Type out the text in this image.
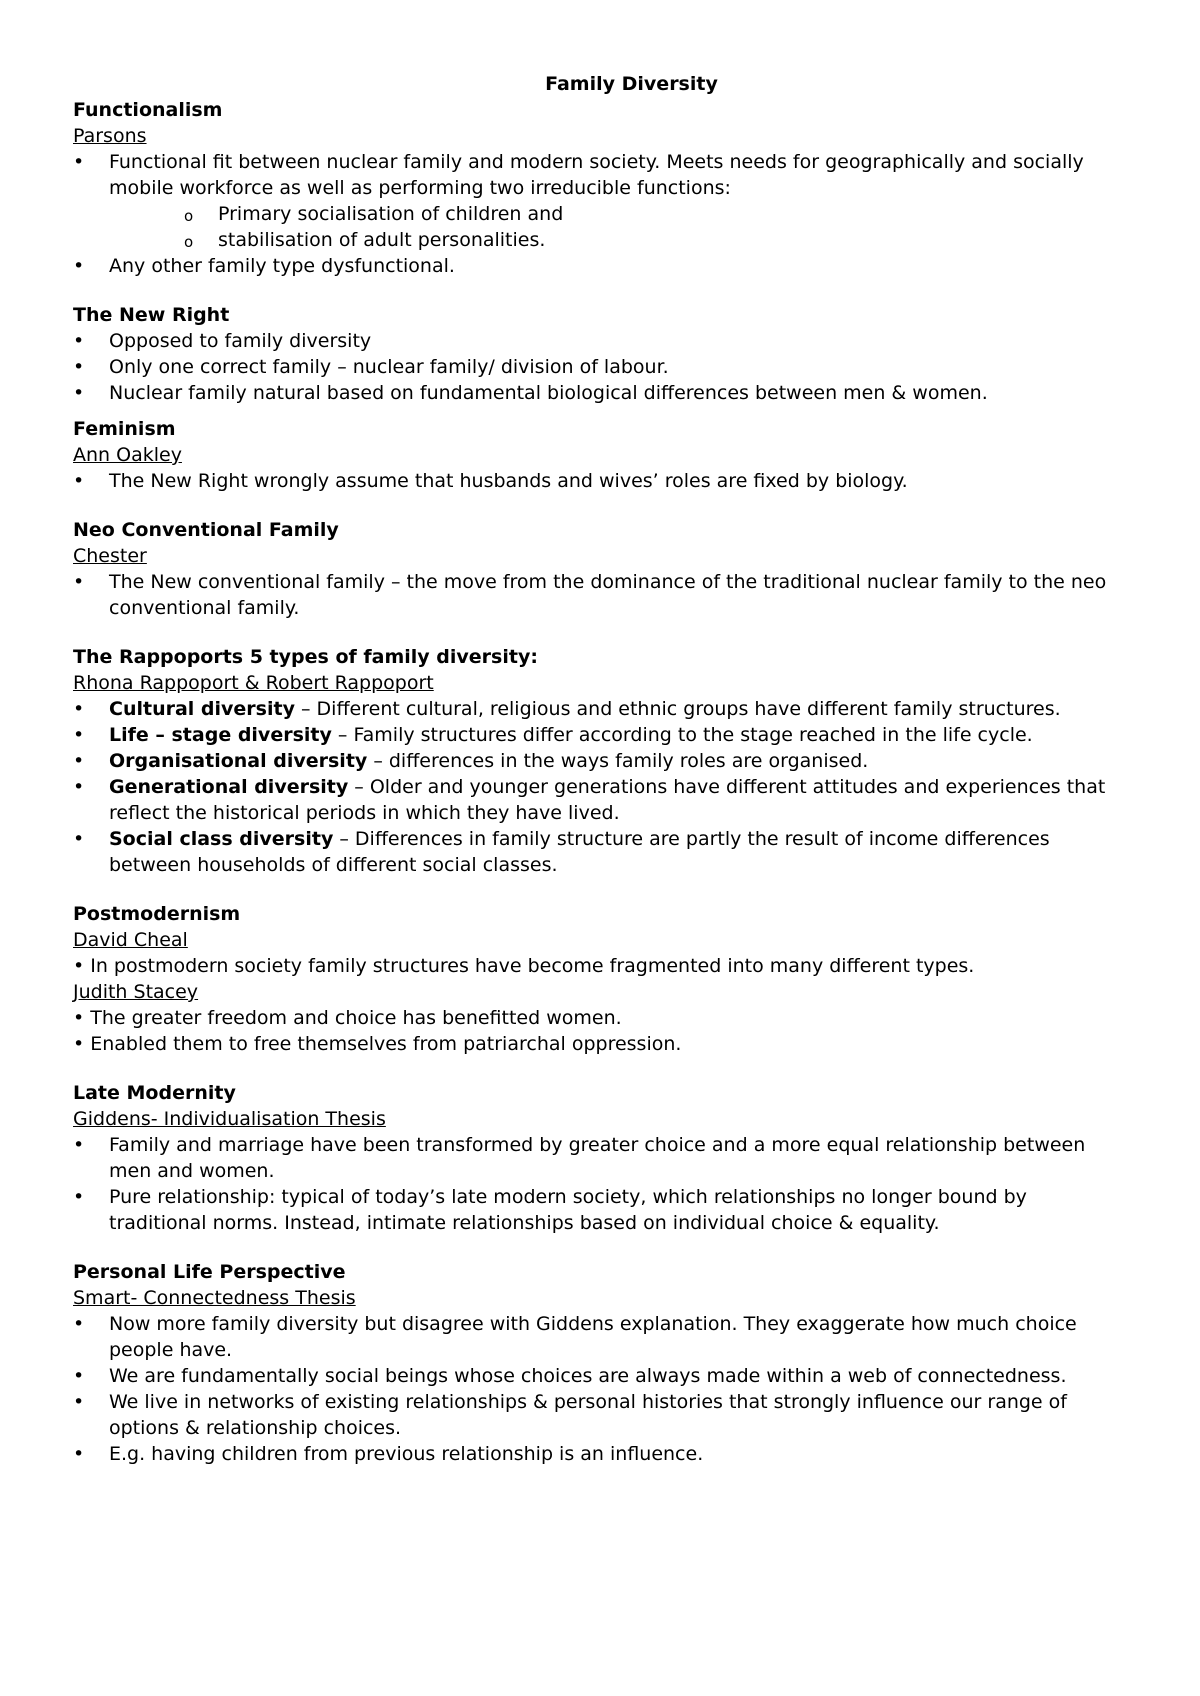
Family Diversity

Functionalism

Parsons

• Functional fit between nuclear family and modern society. Meets needs for geographically and socially mobile workforce as well as performing two irreducible functions:
o Primary socialisation of children and
o stabilisation of adult personalities.
• Any other family type dysfunctional.

The New Right

• Opposed to family diversity
• Only one correct family – nuclear family/ division of labour.
• Nuclear family natural based on fundamental biological differences between men & women.

Feminism

Ann Oakley

• The New Right wrongly assume that husbands and wives’ roles are fixed by biology.

Neo Conventional Family

Chester

• The New conventional family – the move from the dominance of the traditional nuclear family to the neo conventional family.

The Rappoports 5 types of family diversity:

Rhona Rappoport & Robert Rappoport

• Cultural diversity – Different cultural, religious and ethnic groups have different family structures.
• Life – stage diversity – Family structures differ according to the stage reached in the life cycle.
• Organisational diversity – differences in the ways family roles are organised.
• Generational diversity – Older and younger generations have different attitudes and experiences that reflect the historical periods in which they have lived.
• Social class diversity – Differences in family structure are partly the result of income differences between households of different social classes.

Postmodernism

David Cheal

• In postmodern society family structures have become fragmented into many different types.

Judith Stacey

• The greater freedom and choice has benefitted women.

• Enabled them to free themselves from patriarchal oppression.

Late Modernity

Giddens- Individualisation Thesis

• Family and marriage have been transformed by greater choice and a more equal relationship between men and women.
• Pure relationship: typical of today’s late modern society, which relationships no longer bound by traditional norms. Instead, intimate relationships based on individual choice & equality.

Personal Life Perspective

Smart- Connectedness Thesis

• Now more family diversity but disagree with Giddens explanation. They exaggerate how much choice people have.
• We are fundamentally social beings whose choices are always made within a web of connectedness.
• We live in networks of existing relationships & personal histories that strongly influence our range of options & relationship choices.
• E.g. having children from previous relationship is an influence.
